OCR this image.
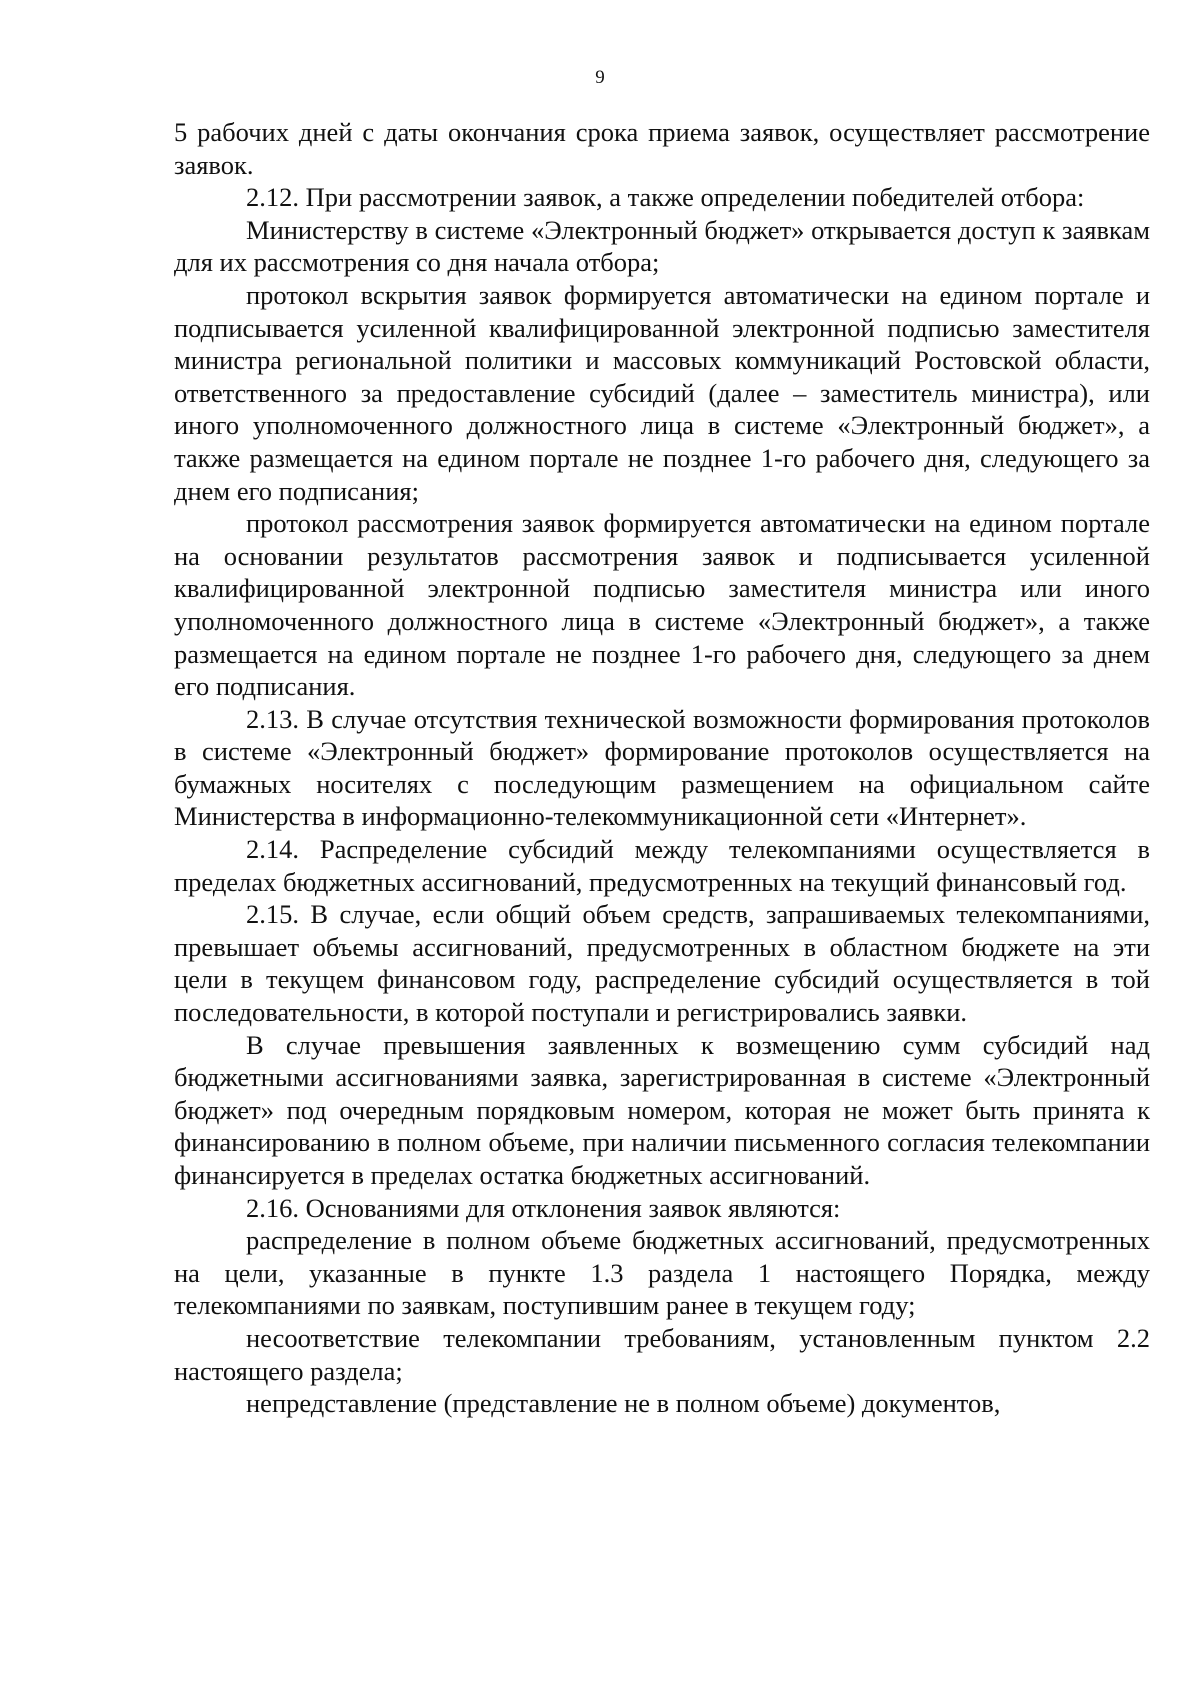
9

5 рабочих дней с даты окончания срока приема заявок, осуществляет рассмотрение заявок.

2.12. При рассмотрении заявок, а также определении победителей отбора:

Министерству в системе «Электронный бюджет» открывается доступ к заявкам для их рассмотрения со дня начала отбора;

протокол вскрытия заявок формируется автоматически на едином портале и подписывается усиленной квалифицированной электронной подписью заместителя министра региональной политики и массовых коммуникаций Ростовской области, ответственного за предоставление субсидий (далее – заместитель министра), или иного уполномоченного должностного лица в системе «Электронный бюджет», а также размещается на едином портале не позднее 1-го рабочего дня, следующего за днем его подписания;

протокол рассмотрения заявок формируется автоматически на едином портале на основании результатов рассмотрения заявок и подписывается усиленной квалифицированной электронной подписью заместителя министра или иного уполномоченного должностного лица в системе «Электронный бюджет», а также размещается на едином портале не позднее 1-го рабочего дня, следующего за днем его подписания.

2.13. В случае отсутствия технической возможности формирования протоколов в системе «Электронный бюджет» формирование протоколов осуществляется на бумажных носителях с последующим размещением на официальном сайте Министерства в информационно-телекоммуникационной сети «Интернет».

2.14. Распределение субсидий между телекомпаниями осуществляется в пределах бюджетных ассигнований, предусмотренных на текущий финансовый год.

2.15. В случае, если общий объем средств, запрашиваемых телекомпаниями, превышает объемы ассигнований, предусмотренных в областном бюджете на эти цели в текущем финансовом году, распределение субсидий осуществляется в той последовательности, в которой поступали и регистрировались заявки.

В случае превышения заявленных к возмещению сумм субсидий над бюджетными ассигнованиями заявка, зарегистрированная в системе «Электронный бюджет» под очередным порядковым номером, которая не может быть принята к финансированию в полном объеме, при наличии письменного согласия телекомпании финансируется в пределах остатка бюджетных ассигнований.

2.16. Основаниями для отклонения заявок являются:

распределение в полном объеме бюджетных ассигнований, предусмотренных на цели, указанные в пункте 1.3 раздела 1 настоящего Порядка, между телекомпаниями по заявкам, поступившим ранее в текущем году;

несоответствие телекомпании требованиям, установленным пунктом 2.2 настоящего раздела;

непредставление (представление не в полном объеме) документов,
